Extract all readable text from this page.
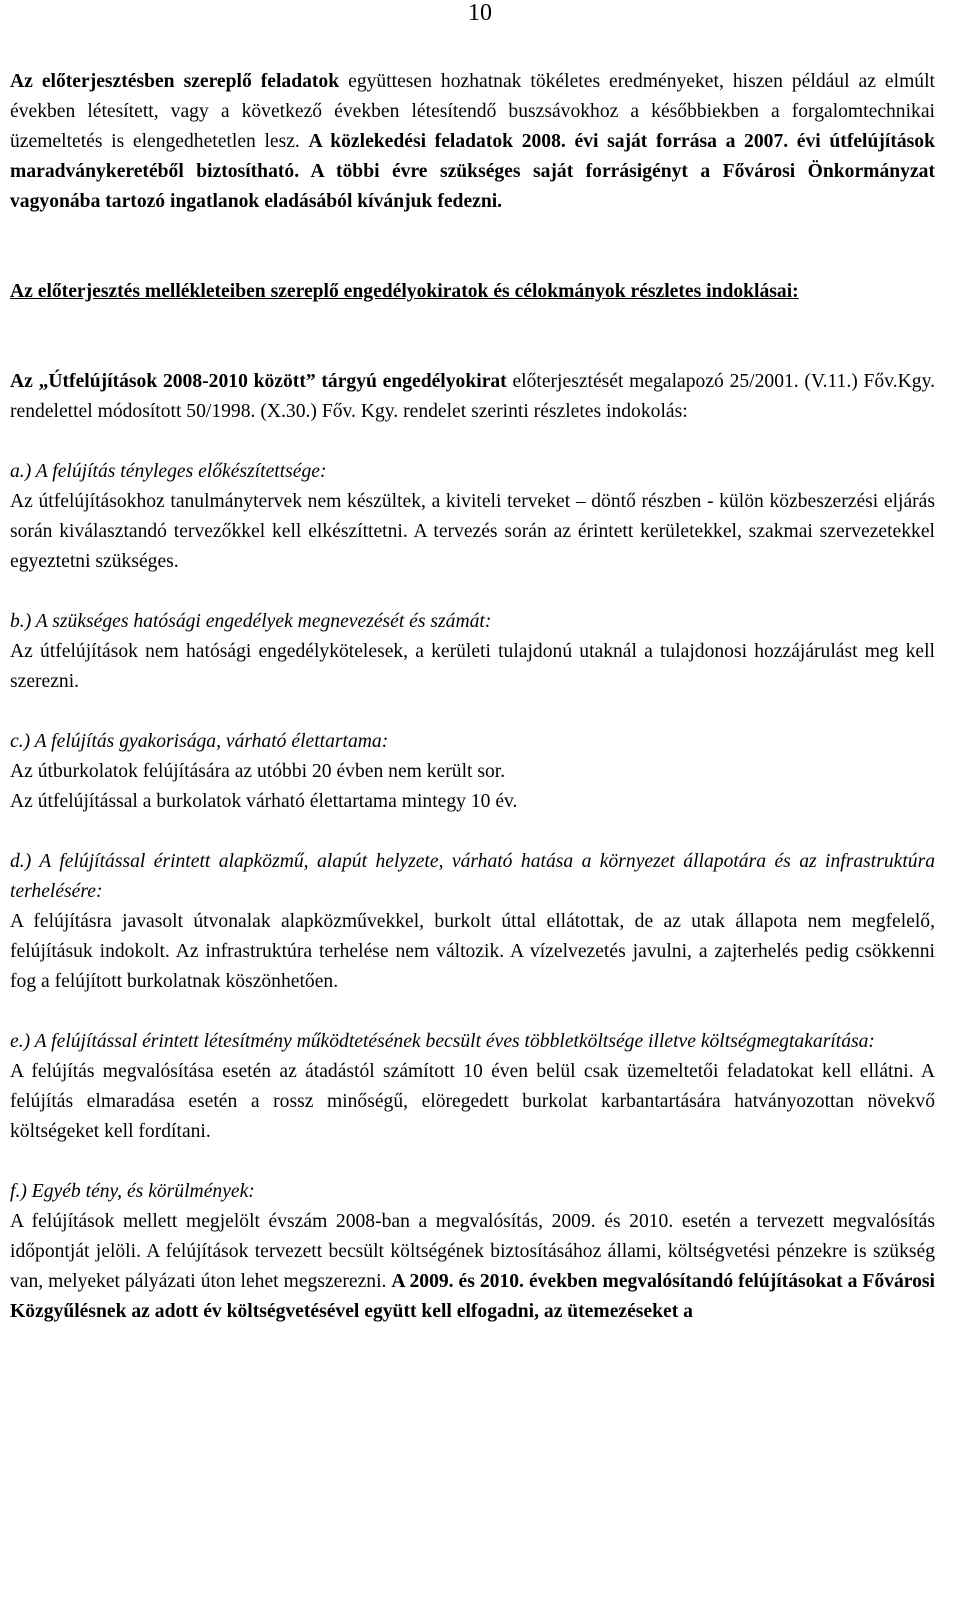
10

Az előterjesztésben szereplő feladatok együttesen hozhatnak tökéletes eredményeket, hiszen például az elmúlt években létesített, vagy a következő években létesítendő buszsávokhoz a későbbiekben a forgalomtechnikai üzemeltetés is elengedhetetlen lesz. A közlekedési feladatok 2008. évi saját forrása a 2007. évi útfelújítások maradványkeretéből biztosítható. A többi évre szükséges saját forrásigényt a Fővárosi Önkormányzat vagyonába tartozó ingatlanok eladásából kívánjuk fedezni.

Az előterjesztés mellékleteiben szereplő engedélyokiratok és célokmányok részletes indoklásai:

Az „Útfelújítások 2008-2010 között” tárgyú engedélyokirat előterjesztését megalapozó 25/2001. (V.11.) Főv.Kgy. rendelettel módosított 50/1998. (X.30.) Főv. Kgy. rendelet szerinti részletes indokolás:

a.) A felújítás tényleges előkészítettsége:

Az útfelújításokhoz tanulmánytervek nem készültek, a kiviteli terveket – döntő részben - külön közbeszerzési eljárás során kiválasztandó tervezőkkel kell elkészíttetni. A tervezés során az érintett kerületekkel, szakmai szervezetekkel egyeztetni szükséges.

b.) A szükséges hatósági engedélyek megnevezését és számát:

Az útfelújítások nem hatósági engedélykötelesek, a kerületi tulajdonú utaknál a tulajdonosi hozzájárulást meg kell szerezni.

c.) A felújítás gyakorisága, várható élettartama:

Az útburkolatok felújítására az utóbbi 20 évben nem került sor.

Az útfelújítással a burkolatok várható élettartama mintegy 10 év.

d.) A felújítással érintett alapközmű, alapút helyzete, várható hatása a környezet állapotára és az infrastruktúra terhelésére:

A felújításra javasolt útvonalak alapközművekkel, burkolt úttal ellátottak, de az utak állapota nem megfelelő, felújításuk indokolt. Az infrastruktúra terhelése nem változik. A vízelvezetés javulni, a zajterhelés pedig csökkenni fog a felújított burkolatnak köszönhetően.

e.) A felújítással érintett létesítmény működtetésének becsült éves többletköltsége illetve költségmegtakarítása:

A felújítás megvalósítása esetén az átadástól számított 10 éven belül csak üzemeltetői feladatokat kell ellátni. A felújítás elmaradása esetén a rossz minőségű, elöregedett burkolat karbantartására hatványozottan növekvő költségeket kell fordítani.

f.) Egyéb tény, és körülmények:

A felújítások mellett megjelölt évszám 2008-ban a megvalósítás, 2009. és 2010. esetén a tervezett megvalósítás időpontját jelöli. A felújítások tervezett becsült költségének biztosításához állami, költségvetési pénzekre is szükség van, melyeket pályázati úton lehet megszerezni. A 2009. és 2010. években megvalósítandó felújításokat a Fővárosi Közgyűlésnek az adott év költségvetésével együtt kell elfogadni, az ütemezéseket a
